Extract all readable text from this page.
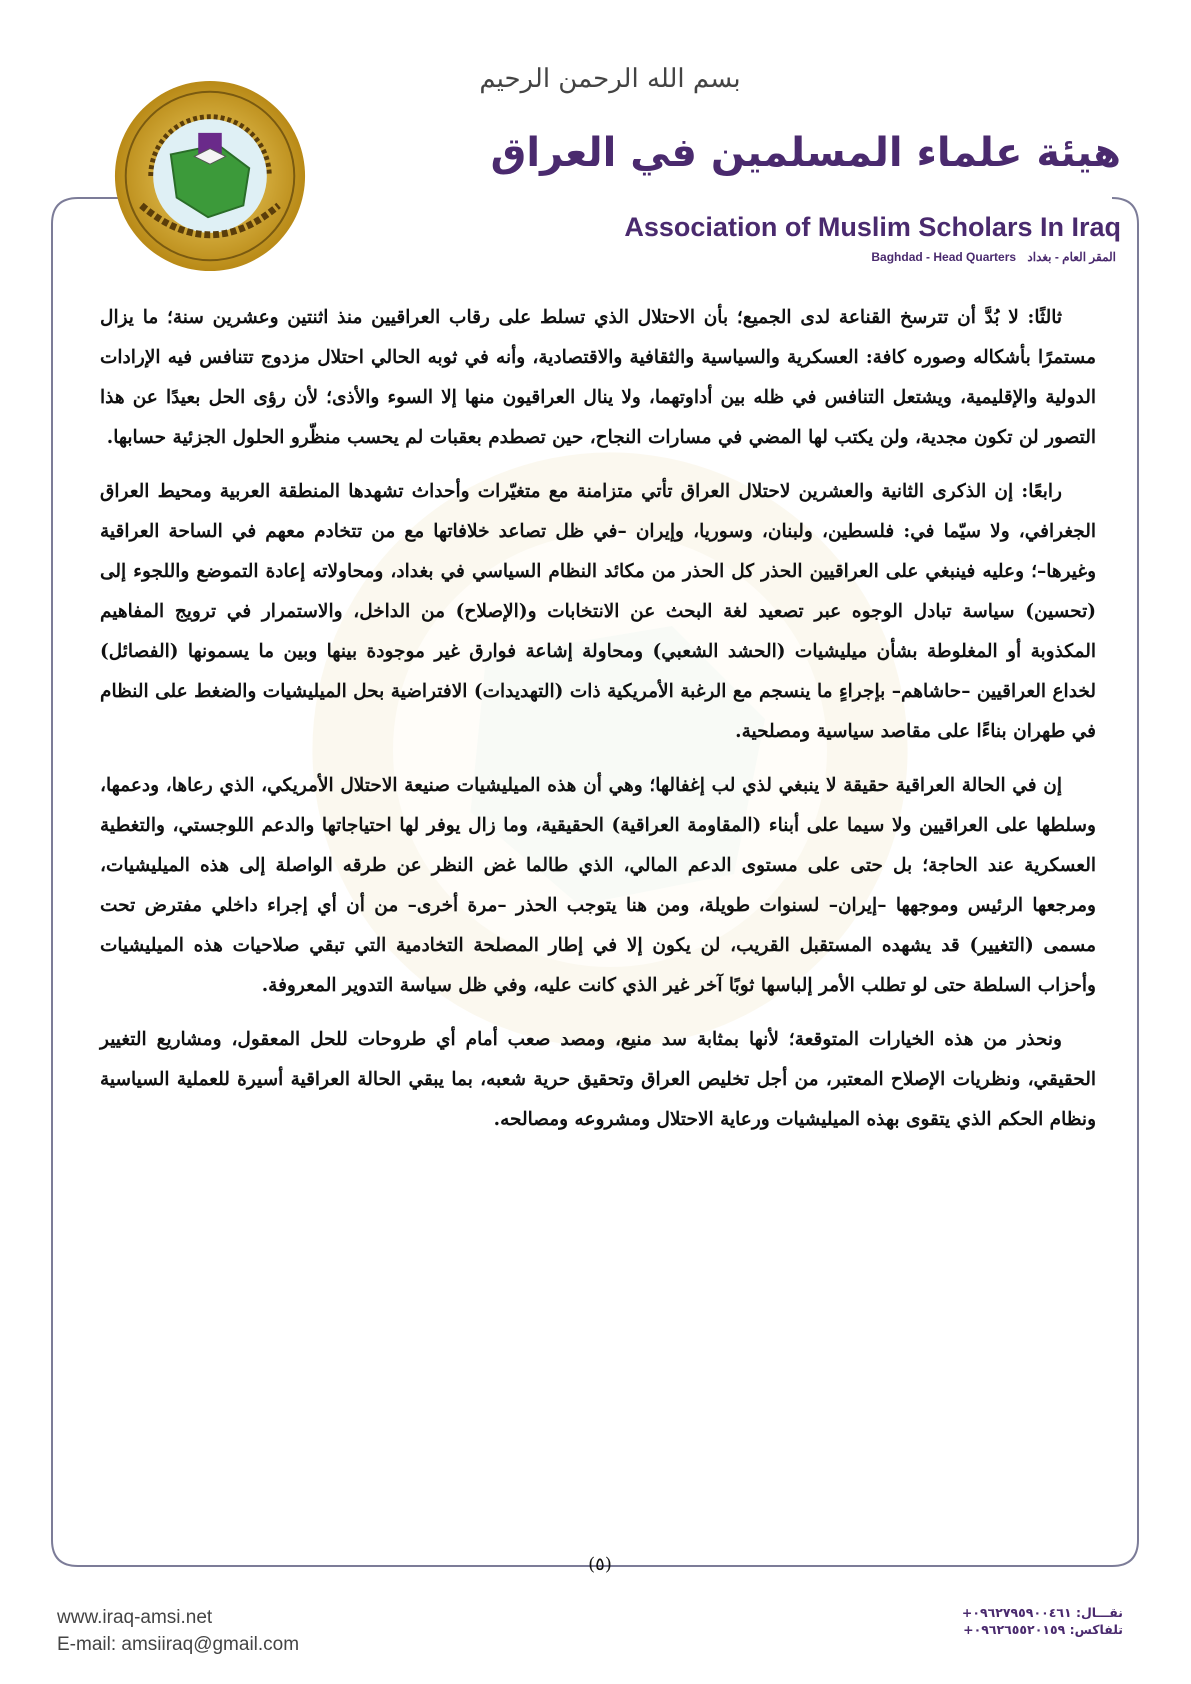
بسم الله الرحمن الرحيم
هيئة علماء المسلمين في العراق
Association of Muslim Scholars In Iraq
Baghdad - Head Quarters المقر العام - بغداد

ثالثًا: لا بُدَّ أن تترسخ القناعة لدى الجميع؛ بأن الاحتلال الذي تسلط على رقاب العراقيين منذ اثنتين وعشرين سنة؛ ما يزال مستمرًا بأشكاله وصوره كافة: العسكرية والسياسية والثقافية والاقتصادية، وأنه في ثوبه الحالي احتلال مزدوج تتنافس فيه الإرادات الدولية والإقليمية، ويشتعل التنافس في ظله بين أداوتهما، ولا ينال العراقيون منها إلا السوء والأذى؛ لأن رؤى الحل بعيدًا عن هذا التصور لن تكون مجدية، ولن يكتب لها المضي في مسارات النجاح، حين تصطدم بعقبات لم يحسب منظّرو الحلول الجزئية حسابها.

رابعًا: إن الذكرى الثانية والعشرين لاحتلال العراق تأتي متزامنة مع متغيّرات وأحداث تشهدها المنطقة العربية ومحيط العراق الجغرافي، ولا سيّما في: فلسطين، ولبنان، وسوريا، وإيران –في ظل تصاعد خلافاتها مع من تتخادم معهم في الساحة العراقية وغيرها–؛ وعليه فينبغي على العراقيين الحذر كل الحذر من مكائد النظام السياسي في بغداد، ومحاولاته إعادة التموضع واللجوء إلى (تحسين) سياسة تبادل الوجوه عبر تصعيد لغة البحث عن الانتخابات و(الإصلاح) من الداخل، والاستمرار في ترويج المفاهيم المكذوبة أو المغلوطة بشأن ميليشيات (الحشد الشعبي) ومحاولة إشاعة فوارق غير موجودة بينها وبين ما يسمونها (الفصائل) لخداع العراقيين –حاشاهم– بإجراءٍ ما ينسجم مع الرغبة الأمريكية ذات (التهديدات) الافتراضية بحل الميليشيات والضغط على النظام في طهران بناءًا على مقاصد سياسية ومصلحية.

إن في الحالة العراقية حقيقة لا ينبغي لذي لب إغفالها؛ وهي أن هذه الميليشيات صنيعة الاحتلال الأمريكي، الذي رعاها، ودعمها، وسلطها على العراقيين ولا سيما على أبناء (المقاومة العراقية) الحقيقية، وما زال يوفر لها احتياجاتها والدعم اللوجستي، والتغطية العسكرية عند الحاجة؛ بل حتى على مستوى الدعم المالي، الذي طالما غض النظر عن طرقه الواصلة إلى هذه الميليشيات، ومرجعها الرئيس وموجهها –إيران– لسنوات طويلة، ومن هنا يتوجب الحذر –مرة أخرى– من أن أي إجراء داخلي مفترض تحت مسمى (التغيير) قد يشهده المستقبل القريب، لن يكون إلا في إطار المصلحة التخادمية التي تبقي صلاحيات هذه الميليشيات وأحزاب السلطة حتى لو تطلب الأمر إلباسها ثوبًا آخر غير الذي كانت عليه، وفي ظل سياسة التدوير المعروفة.

ونحذر من هذه الخيارات المتوقعة؛ لأنها بمثابة سد منيع، ومصد صعب أمام أي طروحات للحل المعقول، ومشاريع التغيير الحقيقي، ونظريات الإصلاح المعتبر، من أجل تخليص العراق وتحقيق حرية شعبه، بما يبقي الحالة العراقية أسيرة للعملية السياسية ونظام الحكم الذي يتقوى بهذه الميليشيات ورعاية الاحتلال ومشروعه ومصالحه.

(٥)
www.iraq-amsi.net
E-mail: amsiiraq@gmail.com
نقـــال: ٠٩٦٢٧٩٥٩٠٠٤٦١+
تلفاكس: ٠٩٦٢٦٥٥٢٠١٥٩+
